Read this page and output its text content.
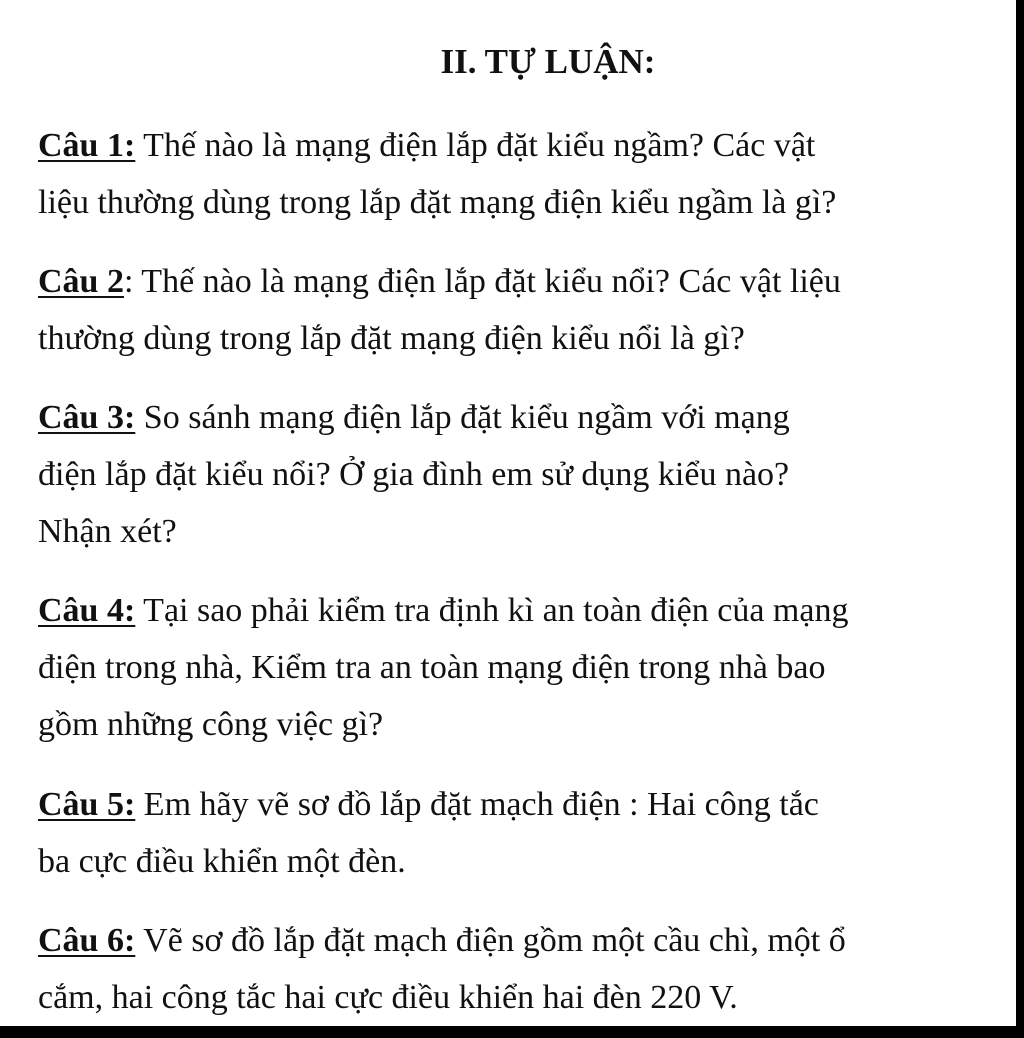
II. TỰ LUẬN:

Câu 1: Thế nào là mạng điện lắp đặt kiểu ngầm? Các vật
liệu thường dùng trong lắp đặt mạng điện kiểu ngầm là gì?

Câu 2: Thế nào là mạng điện lắp đặt kiểu nổi? Các vật liệu
thường dùng trong lắp đặt mạng điện kiểu nổi là gì?

Câu 3: So sánh mạng điện lắp đặt kiểu ngầm với mạng
điện lắp đặt kiểu nổi? Ở gia đình em sử dụng kiểu nào?
Nhận xét?

Câu 4: Tại sao phải kiểm tra định kì an toàn điện của mạng
điện trong nhà, Kiểm tra an toàn mạng điện trong nhà bao
gồm những công việc gì?

Câu 5: Em hãy vẽ sơ đồ lắp đặt mạch điện : Hai công tắc
ba cực điều khiển một đèn.

Câu 6: Vẽ sơ đồ lắp đặt mạch điện gồm một cầu chì, một ổ
cắm, hai công tắc hai cực điều khiển hai đèn 220 V.
